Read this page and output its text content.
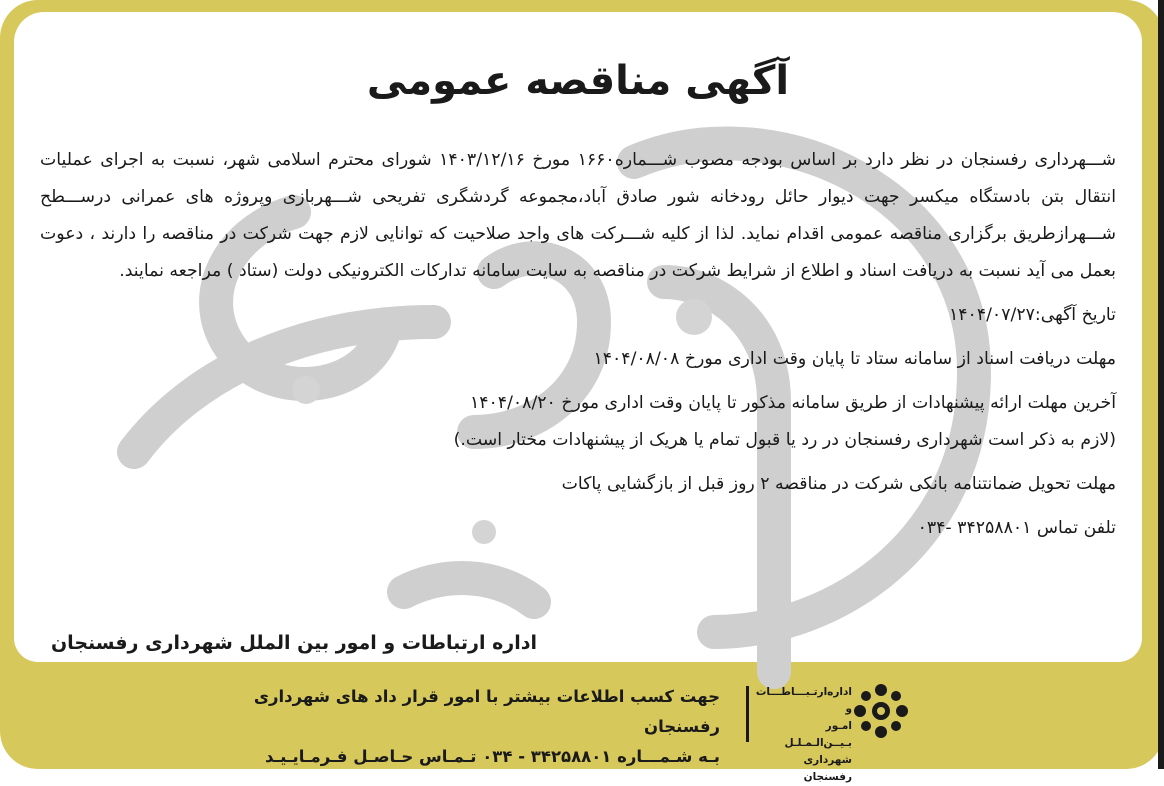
آگهی مناقصه عمومی

شـــهرداری رفسنجان در نظر دارد بر اساس بودجه مصوب شـــماره۱۶۶۰ مورخ ۱۴۰۳/۱۲/۱۶ شورای محترم اسلامی شهر، نسبت به اجرای عملیات انتقال بتن بادستگاه میکسر جهت دیوار حائل رودخانه شور صادق آباد،مجموعه گردشگری تفریحی شـــهربازی وپروژه های عمرانی درســـطح شـــهرازطریق برگزاری مناقصه عمومی اقدام نماید. لذا از کلیه شـــرکت های واجد صلاحیت که توانایی لازم جهت شرکت در مناقصه را دارند ، دعوت بعمل می آید نسبت به دریافت اسناد و اطلاع از شرایط شرکت در مناقصه به سایت سامانه تدارکات الکترونیکی دولت (ستاد ) مراجعه نمایند.

تاریخ آگهی:۱۴۰۴/۰۷/۲۷

مهلت دریافت اسناد از سامانه ستاد تا پایان وقت اداری مورخ ۱۴۰۴/۰۸/۰۸

آخرین مهلت ارائه پیشنهادات از طریق سامانه مذکور تا پایان وقت اداری مورخ ۱۴۰۴/۰۸/۲۰

(لازم به ذکر است شهرداری رفسنجان در رد یا قبول تمام یا هریک از پیشنهادات مختار است.)

مهلت تحویل ضمانتنامه بانکی شرکت در مناقصه ۲ روز قبل از بازگشایی پاکات

تلفن تماس ۳۴۲۵۸۸۰۱ -۰۳۴

اداره ارتباطات و امور بین الملل شهرداری رفسنجان
جهت کسب اطلاعات بیشتر با امور قرار داد های شهرداری رفسنجان
بـه شـمـــاره ۳۴۲۵۸۸۰۱ - ۰۳۴ تـمـاس حـاصـل فـرمـایـیـد
اداره‌ارتـبـــاطـــات و
امـور بـیــن‌الـمـلـل
شهرداری رفسنجان
